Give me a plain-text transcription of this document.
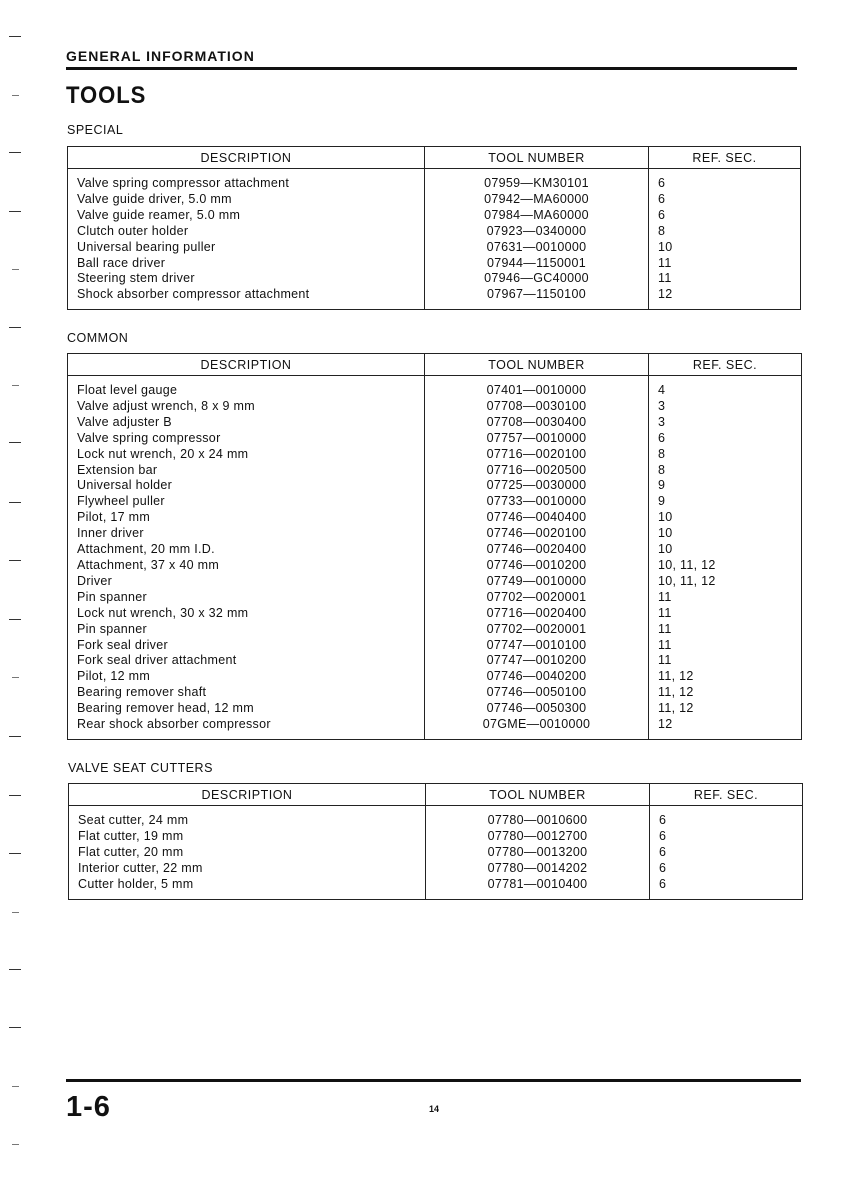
GENERAL INFORMATION
TOOLS
SPECIAL
DESCRIPTION	TOOL NUMBER	REF. SEC.

Valve spring compressor attachment	07959—KM30101	6
Valve guide driver, 5.0 mm	07942—MA60000	6
Valve guide reamer, 5.0 mm	07984—MA60000	6
Clutch outer holder	07923—0340000	8
Universal bearing puller	07631—0010000	10
Ball race driver	07944—1150001	11
Steering stem driver	07946—GC40000	11
Shock absorber compressor attachment	07967—1150100	12

COMMON
DESCRIPTION	TOOL NUMBER	REF. SEC.

Float level gauge	07401—0010000	4
Valve adjust wrench, 8 x 9 mm	07708—0030100	3
Valve adjuster B	07708—0030400	3
Valve spring compressor	07757—0010000	6
Lock nut wrench, 20 x 24 mm	07716—0020100	8
Extension bar	07716—0020500	8
Universal holder	07725—0030000	9
Flywheel puller	07733—0010000	9
Pilot, 17 mm	07746—0040400	10
Inner driver	07746—0020100	10
Attachment, 20 mm I.D.	07746—0020400	10
Attachment, 37 x 40 mm	07746—0010200	10, 11, 12
Driver	07749—0010000	10, 11, 12
Pin spanner	07702—0020001	11
Lock nut wrench, 30 x 32 mm	07716—0020400	11
Pin spanner	07702—0020001	11
Fork seal driver	07747—0010100	11
Fork seal driver attachment	07747—0010200	11
Pilot, 12 mm	07746—0040200	11, 12
Bearing remover shaft	07746—0050100	11, 12
Bearing remover head, 12 mm	07746—0050300	11, 12
Rear shock absorber compressor	07GME—0010000	12

VALVE SEAT CUTTERS
DESCRIPTION	TOOL NUMBER	REF. SEC.

Seat cutter, 24 mm	07780—0010600	6
Flat cutter, 19 mm	07780—0012700	6
Flat cutter, 20 mm	07780—0013200	6
Interior cutter, 22 mm	07780—0014202	6
Cutter holder, 5 mm	07781—0010400	6

1-6	14
